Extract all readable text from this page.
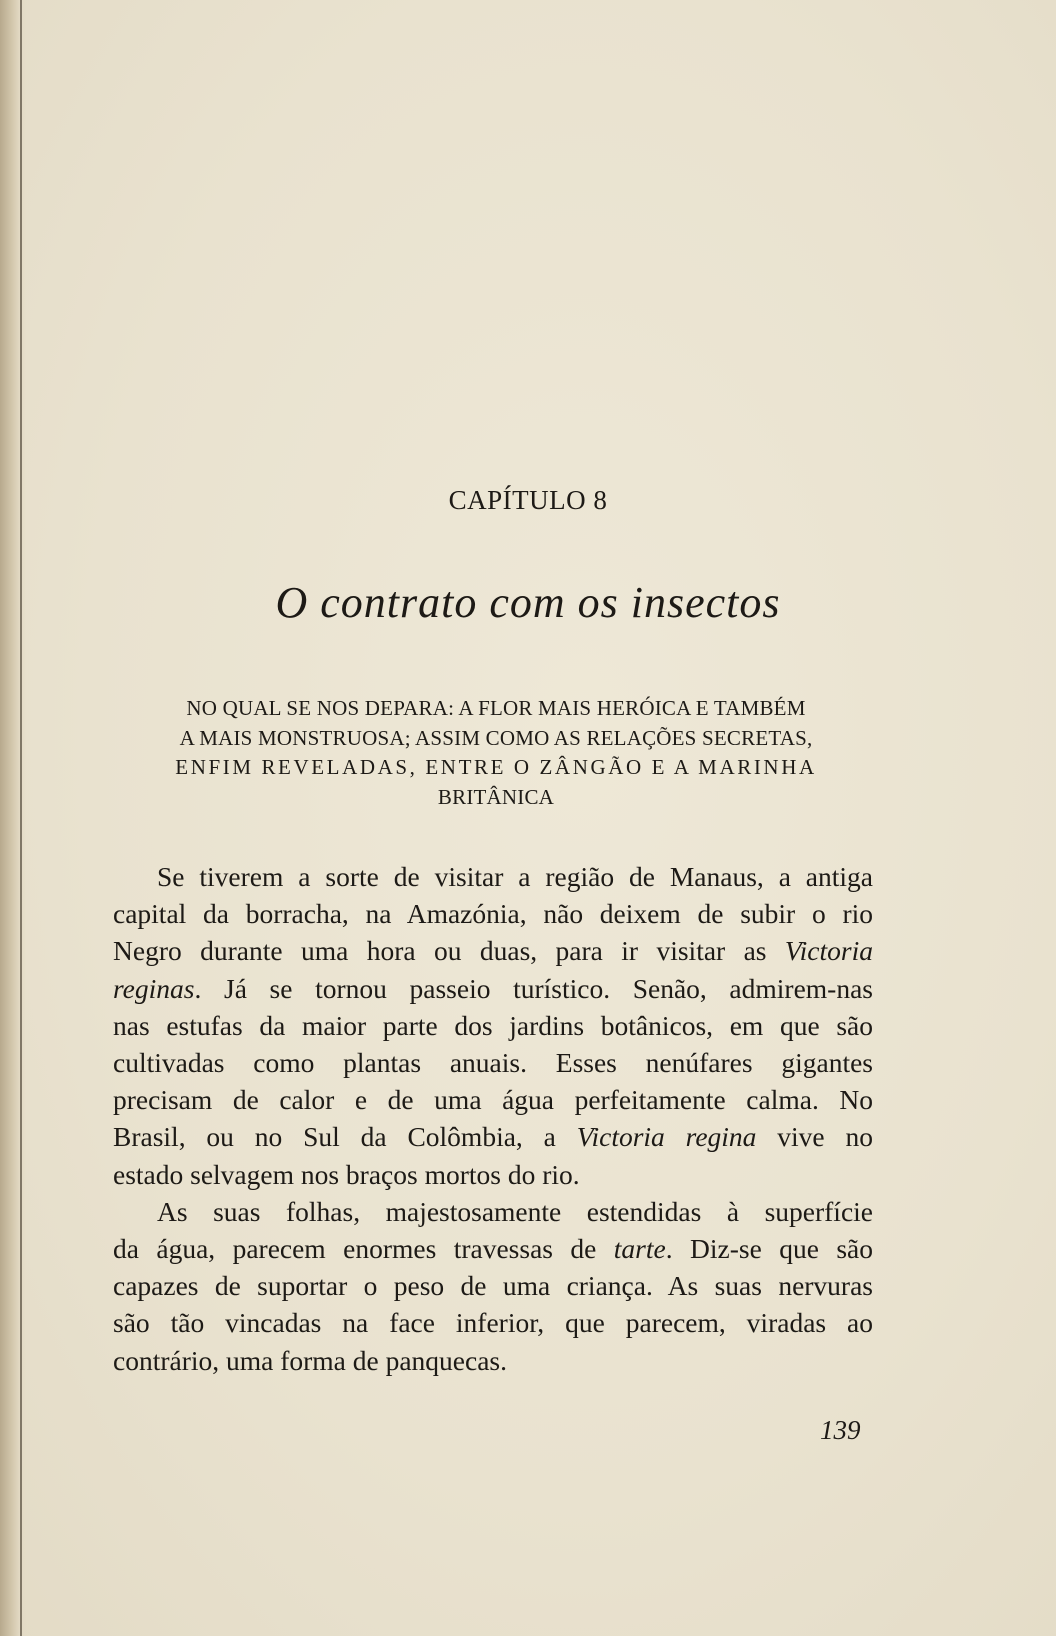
CAPÍTULO 8
O contrato com os insectos
NO QUAL SE NOS DEPARA: A FLOR MAIS HERÓICA E TAMBÉM
A MAIS MONSTRUOSA; ASSIM COMO AS RELAÇÕES SECRETAS,
ENFIM REVELADAS, ENTRE O ZÂNGÃO E A MARINHA
BRITÂNICA
Se tiverem a sorte de visitar a região de Manaus, a antiga
capital da borracha, na Amazónia, não deixem de subir o rio
Negro durante uma hora ou duas, para ir visitar as Victoria
reginas. Já se tornou passeio turístico. Senão, admirem-nas
nas estufas da maior parte dos jardins botânicos, em que são
cultivadas como plantas anuais. Esses nenúfares gigantes
precisam de calor e de uma água perfeitamente calma. No
Brasil, ou no Sul da Colômbia, a Victoria regina vive no
estado selvagem nos braços mortos do rio.
As suas folhas, majestosamente estendidas à superfície
da água, parecem enormes travessas de tarte. Diz-se que são
capazes de suportar o peso de uma criança. As suas nervuras
são tão vincadas na face inferior, que parecem, viradas ao
contrário, uma forma de panquecas.
139
